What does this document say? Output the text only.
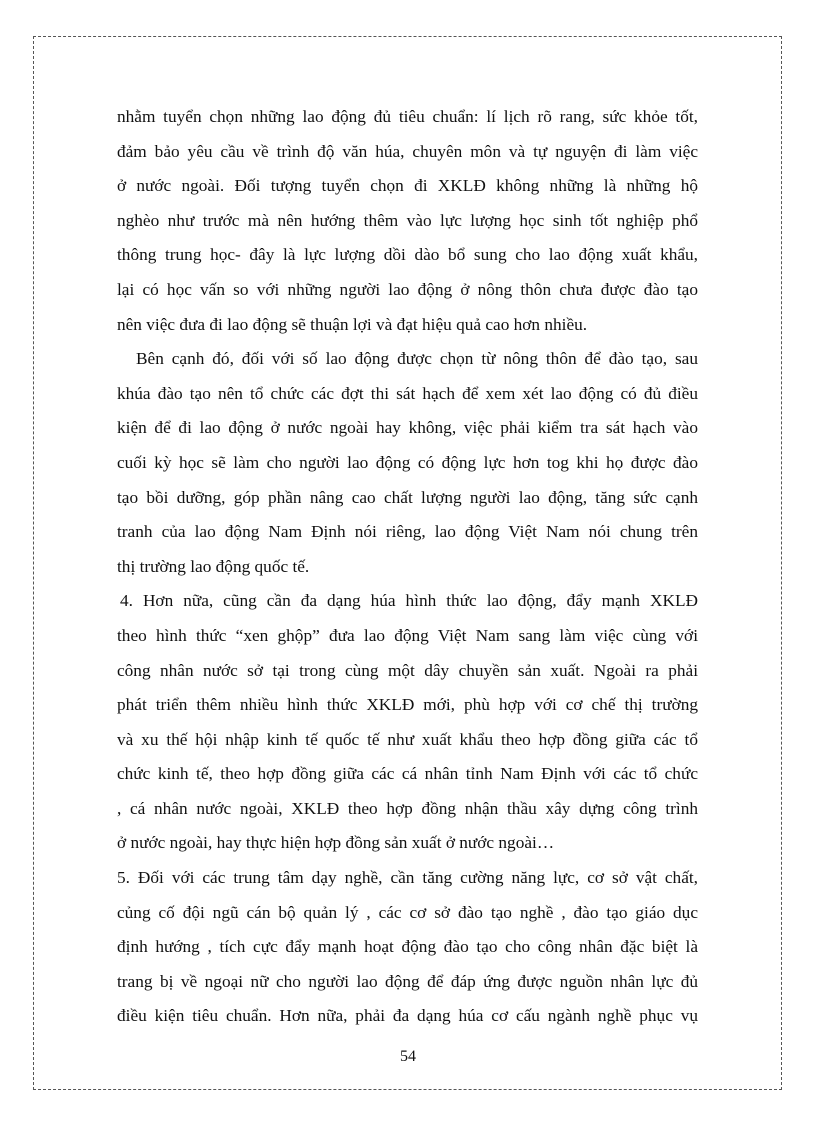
nhằm tuyển chọn những lao động đủ tiêu chuẩn: lí lịch rõ rang, sức khỏe tốt,
đảm bảo yêu cầu về trình độ văn húa, chuyên môn và tự nguyện đi làm việc
ở nước ngoài. Đối tượng tuyển chọn đi XKLĐ không những là những hộ
nghèo như trước mà nên hướng thêm vào lực lượng học sinh tốt nghiệp phổ
thông trung học- đây là lực lượng dồi dào bổ sung cho lao động xuất khẩu,
lại có học vấn so với những người lao động ở nông thôn chưa được đào tạo
nên việc đưa đi lao động sẽ thuận lợi và đạt hiệu quả cao hơn nhiều.
Bên cạnh đó, đối với số lao động được chọn từ nông thôn để đào tạo, sau
khúa đào tạo nên tổ chức các đợt thi sát hạch để xem xét lao động có đủ điều
kiện để đi lao động ở nước ngoài hay không, việc phải kiểm tra sát hạch vào
cuối kỳ học sẽ làm cho người lao động có động lực hơn tog khi họ được đào
tạo bồi dưỡng, góp phần nâng cao chất lượng người lao động, tăng sức cạnh
tranh của lao động Nam Định nói riêng, lao động Việt Nam nói chung trên
thị trường lao động quốc tế.
4. Hơn nữa, cũng cần đa dạng húa hình thức lao động, đẩy mạnh XKLĐ
theo hình thức “xen ghộp” đưa lao động Việt Nam sang làm việc cùng với
công nhân nước sở tại trong cùng một dây chuyền sản xuất. Ngoài ra phải
phát triển thêm nhiều hình thức XKLĐ mới, phù hợp với cơ chế thị trường
và xu thế hội nhập kinh tế quốc tế như xuất khẩu theo hợp đồng giữa các tổ
chức kinh tế, theo hợp đồng giữa các cá nhân tỉnh Nam Định với các tổ chức
, cá nhân nước ngoài, XKLĐ theo hợp đồng nhận thầu xây dựng công trình
ở nước ngoài, hay thực hiện hợp đồng sản xuất ở nước ngoài…
5. Đối với các trung tâm dạy nghề, cần tăng cường năng lực, cơ sở vật chất,
củng cố đội ngũ cán bộ quản lý , các cơ sở đào tạo nghề , đào tạo giáo dục
định hướng , tích cực đẩy mạnh hoạt động đào tạo cho công nhân đặc biệt là
trang bị về ngoại nữ cho người lao động để đáp ứng được nguồn nhân lực đủ
điều kiện tiêu chuẩn. Hơn nữa, phải đa dạng húa cơ cấu ngành nghề phục vụ
54
